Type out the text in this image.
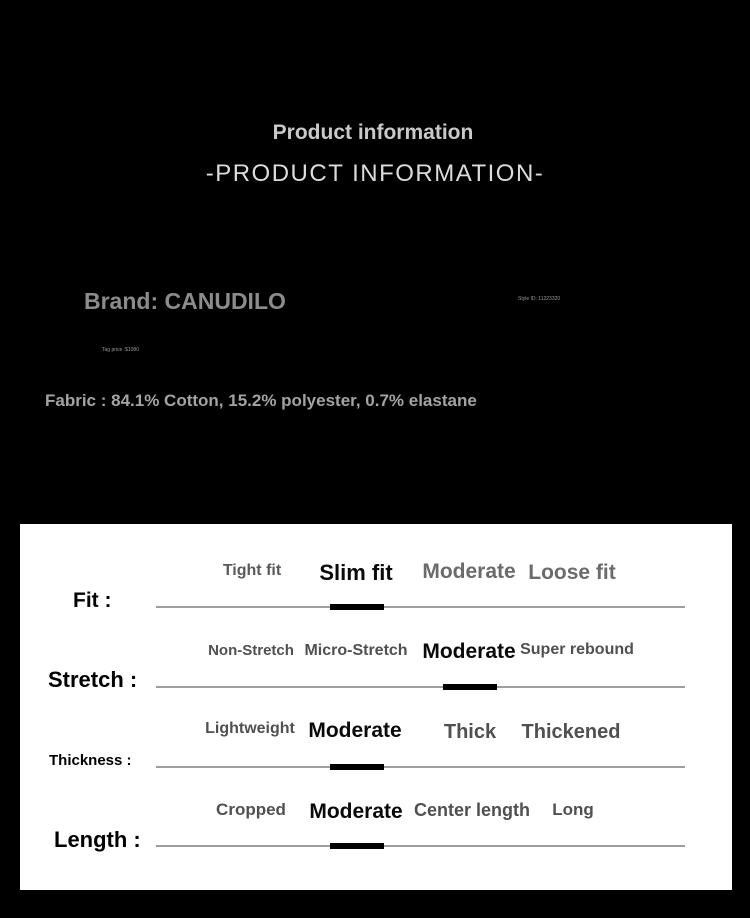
Product information
-PRODUCT INFORMATION-
Brand: CANUDILO	Style ID: 11223320
Tag price :$1080
Fabric : 84.1% Cotton, 15.2% polyester, 0.7% elastane
Fit :
Tight fit Slim fit Moderate Loose fit
Stretch :
Non-Stretch Micro-Stretch Moderate Super rebound
Thickness :
Lightweight Moderate Thick Thickened
Length :
Cropped Moderate Center length Long
